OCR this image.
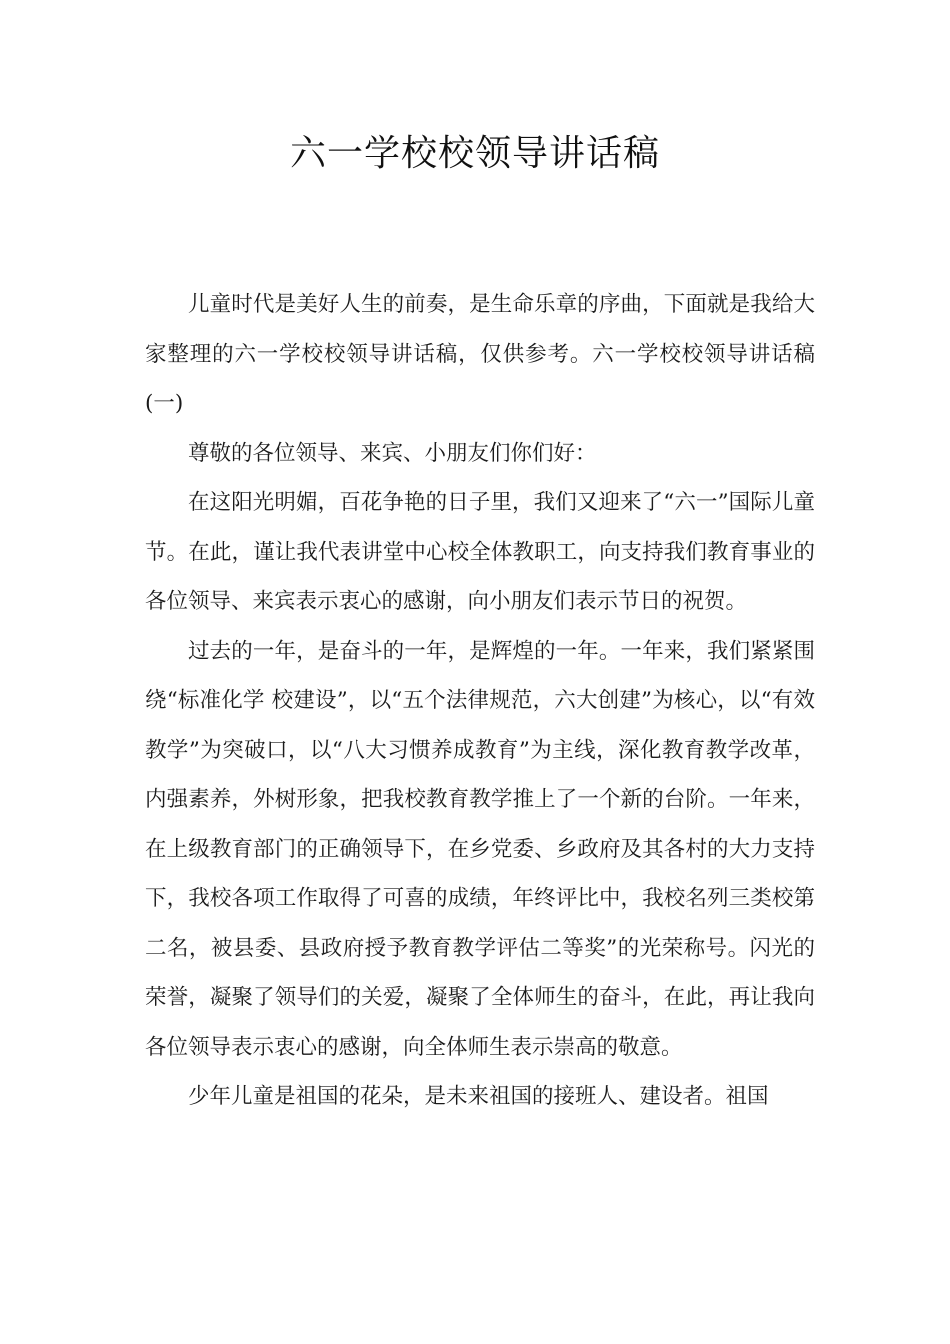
六一学校校领导讲话稿

儿童时代是美好人生的前奏，是生命乐章的序曲，下面就是我给大家整理的六一学校校领导讲话稿，仅供参考。六一学校校领导讲话稿(一)

尊敬的各位领导、来宾、小朋友们你们好：

在这阳光明媚，百花争艳的日子里，我们又迎来了“六一”国际儿童节。在此，谨让我代表讲堂中心校全体教职工，向支持我们教育事业的各位领导、来宾表示衷心的感谢，向小朋友们表示节日的祝贺。

过去的一年，是奋斗的一年，是辉煌的一年。一年来，我们紧紧围绕“标准化学 校建设”，以“五个法律规范，六大创建”为核心，以“有效教学”为突破口，以“八大习惯养成教育”为主线，深化教育教学改革，内强素养，外树形象，把我校教育教学推上了一个新的台阶。一年来，在上级教育部门的正确领导下，在乡党委、乡政府及其各村的大力支持下，我校各项工作取得了可喜的成绩，年终评比中，我校名列三类校第二名，被县委、县政府授予教育教学评估二等奖”的光荣称号。闪光的荣誉，凝聚了领导们的关爱，凝聚了全体师生的奋斗，在此，再让我向各位领导表示衷心的感谢，向全体师生表示崇高的敬意。

少年儿童是祖国的花朵，是未来祖国的接班人、建设者。祖国
